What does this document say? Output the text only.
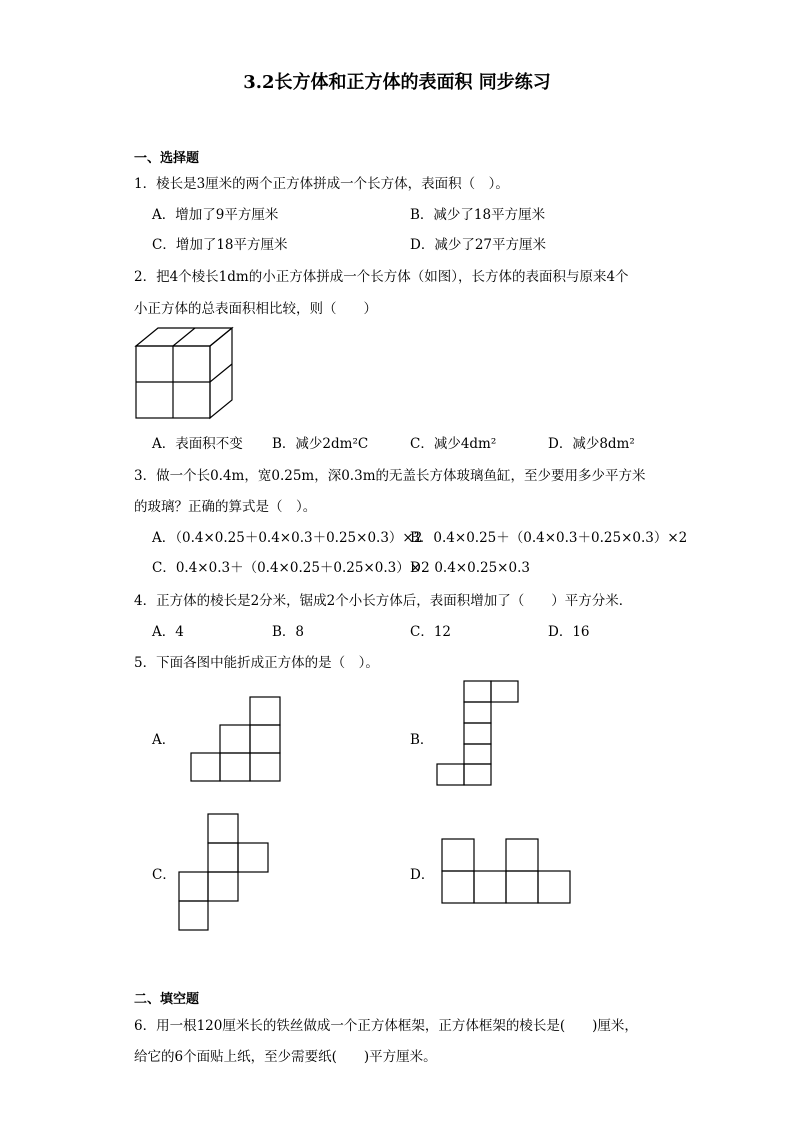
3.2长方体和正方体的表面积 同步练习
一、选择题
1．棱长是3厘米的两个正方体拼成一个长方体，表面积（　）。
A．增加了9平方厘米	B．减少了18平方厘米
C．增加了18平方厘米	D．减少了27平方厘米
2．把4个棱长1dm的小正方体拼成一个长方体（如图），长方体的表面积与原来4个
小正方体的总表面积相比较，则（　　）
A．表面积不变 B．减少2dm²C	C．减少4dm²	D．减少8dm²
3．做一个长0.4m，宽0.25m，深0.3m的无盖长方体玻璃鱼缸，至少要用多少平方米
的玻璃？正确的算式是（　）。
A．（0.4×0.25＋0.4×0.3＋0.25×0.3）×2
B．0.4×0.25＋（0.4×0.3＋0.25×0.3）×2
C．0.4×0.3＋（0.4×0.25＋0.25×0.3）×2
D．0.4×0.25×0.3
4．正方体的棱长是2分米，锯成2个小长方体后，表面积增加了（　　）平方分米．
A．4	B．8	C．12	D．16
5．下面各图中能折成正方体的是（　）。
A．	B．
C．	D．
二、填空题
6．用一根120厘米长的铁丝做成一个正方体框架，正方体框架的棱长是(　　)厘米，
给它的6个面贴上纸，至少需要纸(　　)平方厘米。
